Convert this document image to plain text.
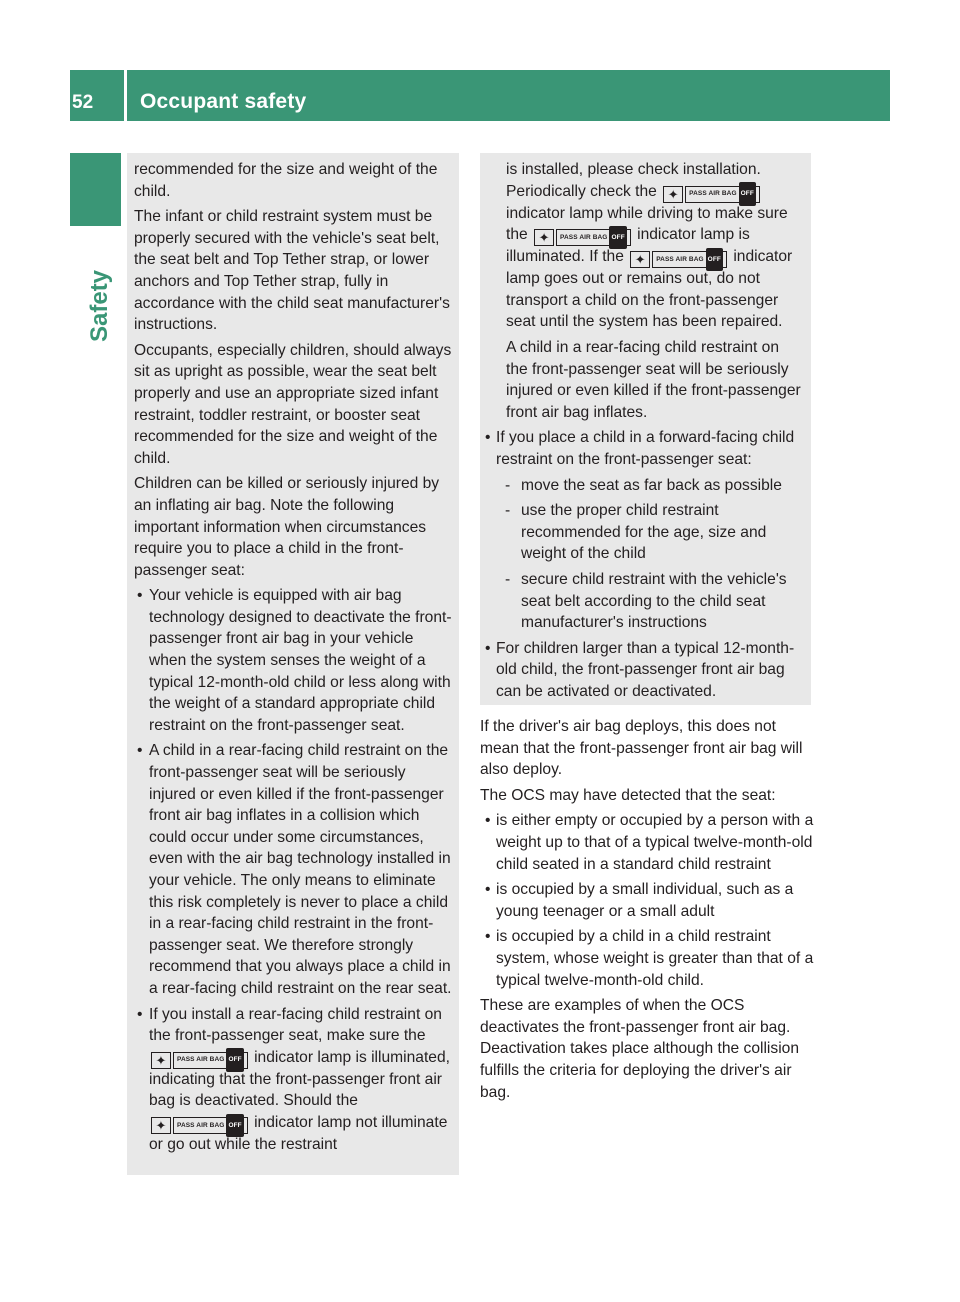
52	Occupant safety
Safety

recommended for the size and weight of the child.

The infant or child restraint system must be properly secured with the vehicle's seat belt, the seat belt and Top Tether strap, or lower anchors and Top Tether strap, fully in accordance with the child seat manufacturer's instructions.

Occupants, especially children, should always sit as upright as possible, wear the seat belt properly and use an appropriate sized infant restraint, toddler restraint, or booster seat recommended for the size and weight of the child.

Children can be killed or seriously injured by an inflating air bag. Note the following important information when circumstances require you to place a child in the front-passenger seat:

• Your vehicle is equipped with air bag technology designed to deactivate the front-passenger front air bag in your vehicle when the system senses the weight of a typical 12-month-old child or less along with the weight of a standard appropriate child restraint on the front-passenger seat.
• A child in a rear-facing child restraint on the front-passenger seat will be seriously injured or even killed if the front-passenger front air bag inflates in a collision which could occur under some circumstances, even with the air bag technology installed in your vehicle. The only means to eliminate this risk completely is never to place a child in a rear-facing child restraint in the front-passenger seat. We therefore strongly recommend that you always place a child in a rear-facing child restraint on the rear seat.
• If you install a rear-facing child restraint on the front-passenger seat, make sure the
✦	PASS AIR BAG OFF indicator lamp is illuminated, indicating that the front-passenger front air bag is deactivated. Should the
✦	PASS AIR BAG OFF indicator lamp not illuminate or go out while the restraint

is installed, please check installation. Periodically check the ✦	PASS AIR BAG OFF
indicator lamp while driving to make sure the ✦	PASS AIR BAG OFF indicator lamp is illuminated. If the ✦	PASS AIR BAG OFF indicator lamp goes out or remains out, do not transport a child on the front-passenger seat until the system has been repaired.

A child in a rear-facing child restraint on the front-passenger seat will be seriously injured or even killed if the front-passenger front air bag inflates.

• If you place a child in a forward-facing child restraint on the front-passenger seat:
- move the seat as far back as possible
- use the proper child restraint recommended for the age, size and weight of the child
- secure child restraint with the vehicle's seat belt according to the child seat manufacturer's instructions
• For children larger than a typical 12-month-old child, the front-passenger front air bag can be activated or deactivated.

If the driver's air bag deploys, this does not mean that the front-passenger front air bag will also deploy.

The OCS may have detected that the seat:

• is either empty or occupied by a person with a weight up to that of a typical twelve-month-old child seated in a standard child restraint
• is occupied by a small individual, such as a young teenager or a small adult
• is occupied by a child in a child restraint system, whose weight is greater than that of a typical twelve-month-old child.

These are examples of when the OCS deactivates the front-passenger front air bag. Deactivation takes place although the collision fulfills the criteria for deploying the driver's air bag.
